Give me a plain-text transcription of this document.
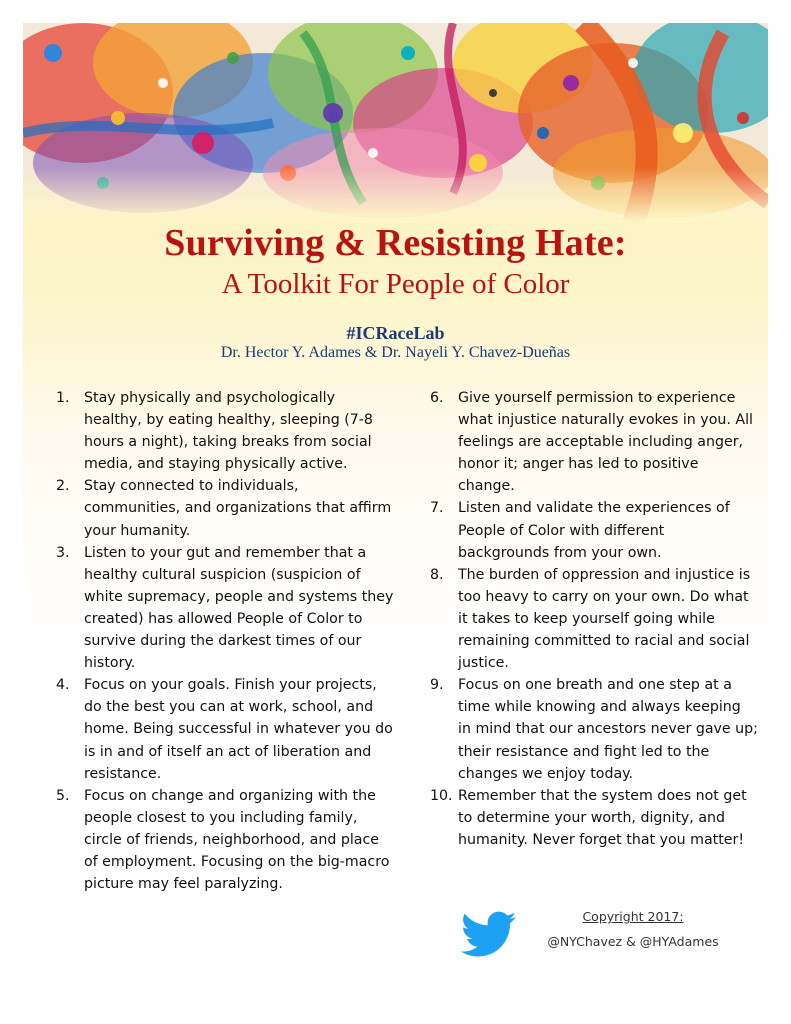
Surviving & Resisting Hate:
A Toolkit For People of Color
#ICRaceLab
Dr. Hector Y. Adames & Dr. Nayeli Y. Chavez-Dueñas
1.	Stay physically and psychologically healthy, by eating healthy, sleeping (7-8 hours a night), taking breaks from social media, and staying physically active.
2.	Stay connected to individuals, communities, and organizations that affirm your humanity.
3.	Listen to your gut and remember that a healthy cultural suspicion (suspicion of white supremacy, people and systems they created) has allowed People of Color to survive during the darkest times of our history.
4.	Focus on your goals. Finish your projects, do the best you can at work, school, and home. Being successful in whatever you do is in and of itself an act of liberation and resistance.
5.	Focus on change and organizing with the people closest to you including family, circle of friends, neighborhood, and place of employment. Focusing on the big-macro picture may feel paralyzing.
6.	Give yourself permission to experience what injustice naturally evokes in you. All feelings are acceptable including anger, honor it; anger has led to positive change.
7.	Listen and validate the experiences of People of Color with different backgrounds from your own.
8.	The burden of oppression and injustice is too heavy to carry on your own. Do what it takes to keep yourself going while remaining committed to racial and social justice.
9.	Focus on one breath and one step at a time while knowing and always keeping in mind that our ancestors never gave up; their resistance and fight led to the changes we enjoy today.
10. Remember that the system does not get to determine your worth, dignity, and humanity. Never forget that you matter!
Copyright 2017:
@NYChavez & @HYAdames
